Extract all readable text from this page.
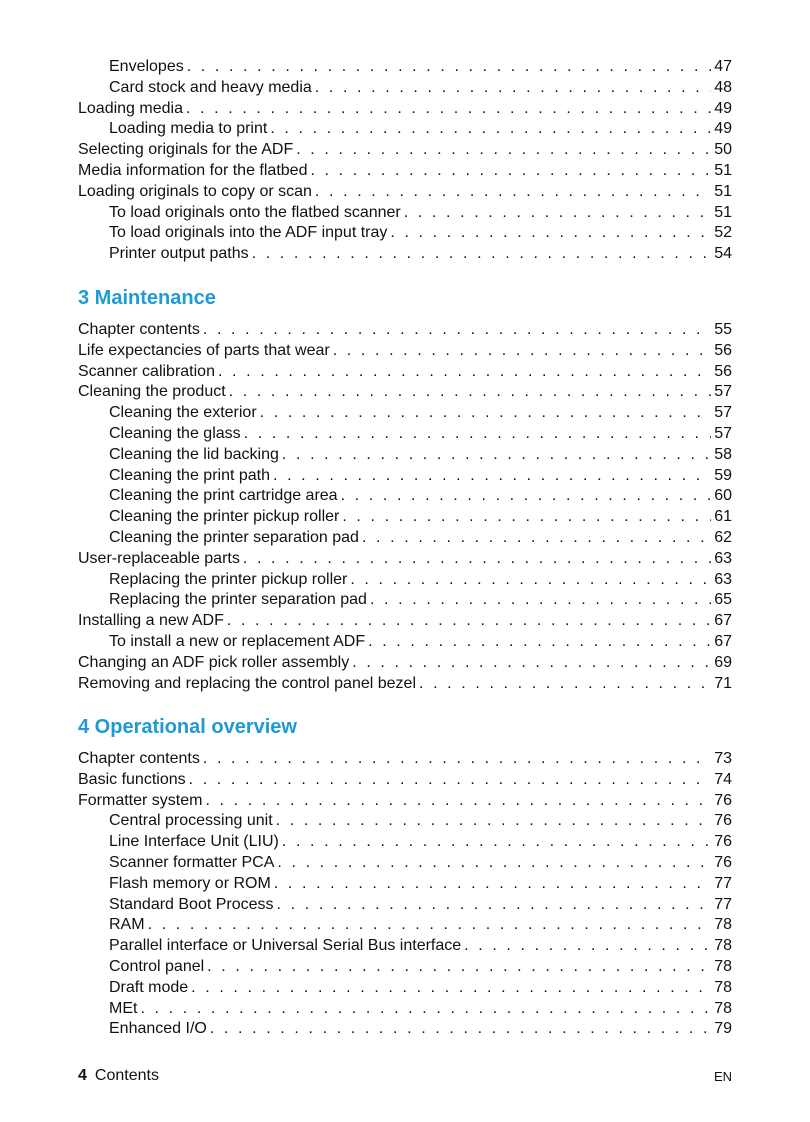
Envelopes . . .	47
Card stock and heavy media . . .	48
Loading media . . .	49
Loading media to print . . .	49
Selecting originals for the ADF . . .	50
Media information for the flatbed . . .	51
Loading originals to copy or scan . . .	51
To load originals onto the flatbed scanner . . .	51
To load originals into the ADF input tray . . .	52
Printer output paths . . .	54
3 Maintenance
Chapter contents . . .	55
Life expectancies of parts that wear . . .	56
Scanner calibration . . .	56
Cleaning the product . . .	57
Cleaning the exterior . . .	57
Cleaning the glass . . .	57
Cleaning the lid backing . . .	58
Cleaning the print path . . .	59
Cleaning the print cartridge area . . .	60
Cleaning the printer pickup roller . . .	61
Cleaning the printer separation pad . . .	62
User-replaceable parts . . .	63
Replacing the printer pickup roller . . .	63
Replacing the printer separation pad . . .	65
Installing a new ADF . . .	67
To install a new or replacement ADF . . .	67
Changing an ADF pick roller assembly . . .	69
Removing and replacing the control panel bezel . . .	71
4 Operational overview
Chapter contents . . .	73
Basic functions . . .	74
Formatter system . . .	76
Central processing unit . . .	76
Line Interface Unit (LIU) . . .	76
Scanner formatter PCA . . .	76
Flash memory or ROM . . .	77
Standard Boot Process . . .	77
RAM . . .	78
Parallel interface or Universal Serial Bus interface . . .	78
Control panel . . .	78
Draft mode . . .	78
MEt . . .	78
Enhanced I/O . . .	79
4 Contents	EN
